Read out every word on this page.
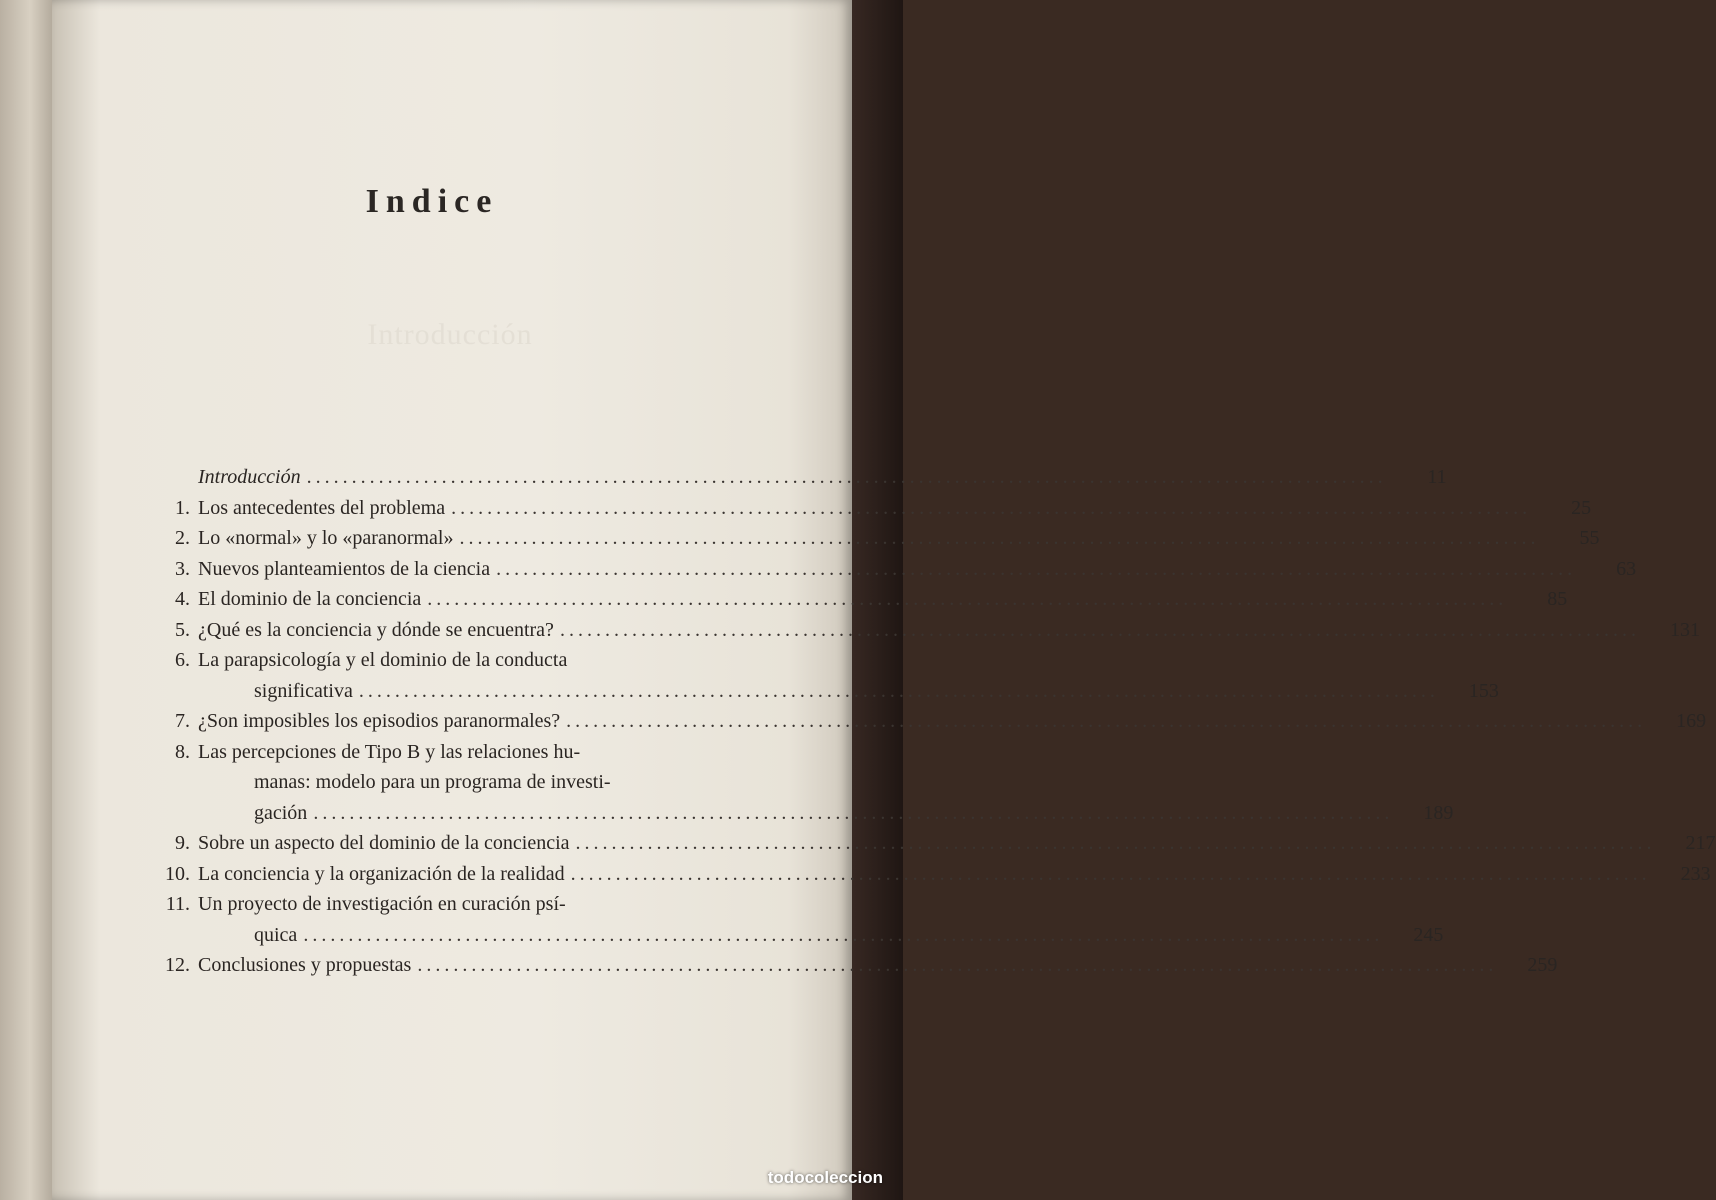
Indice
Introducción
Introducción ........................................................................................................................	11
1. Los antecedentes del problema ........................................................................................................................	25
2. Lo «normal» y lo «paranormal» ........................................................................................................................	55
3. Nuevos planteamientos de la ciencia ........................................................................................................................	63
4. El dominio de la conciencia ........................................................................................................................	85
5. ¿Qué es la conciencia y dónde se encuentra? ........................................................................................................................	131
6. La parapsicología y el dominio de la conducta
significativa ........................................................................................................................	153
7. ¿Son imposibles los episodios paranormales? ........................................................................................................................	169
8. Las percepciones de Tipo B y las relaciones hu-
manas: modelo para un programa de investi-
gación ........................................................................................................................	189
9. Sobre un aspecto del dominio de la conciencia ........................................................................................................................	217
10. La conciencia y la organización de la realidad ........................................................................................................................	233
11. Un proyecto de investigación en curación psí-
quica ........................................................................................................................	245
12. Conclusiones y propuestas ........................................................................................................................	259
todocoleccion
